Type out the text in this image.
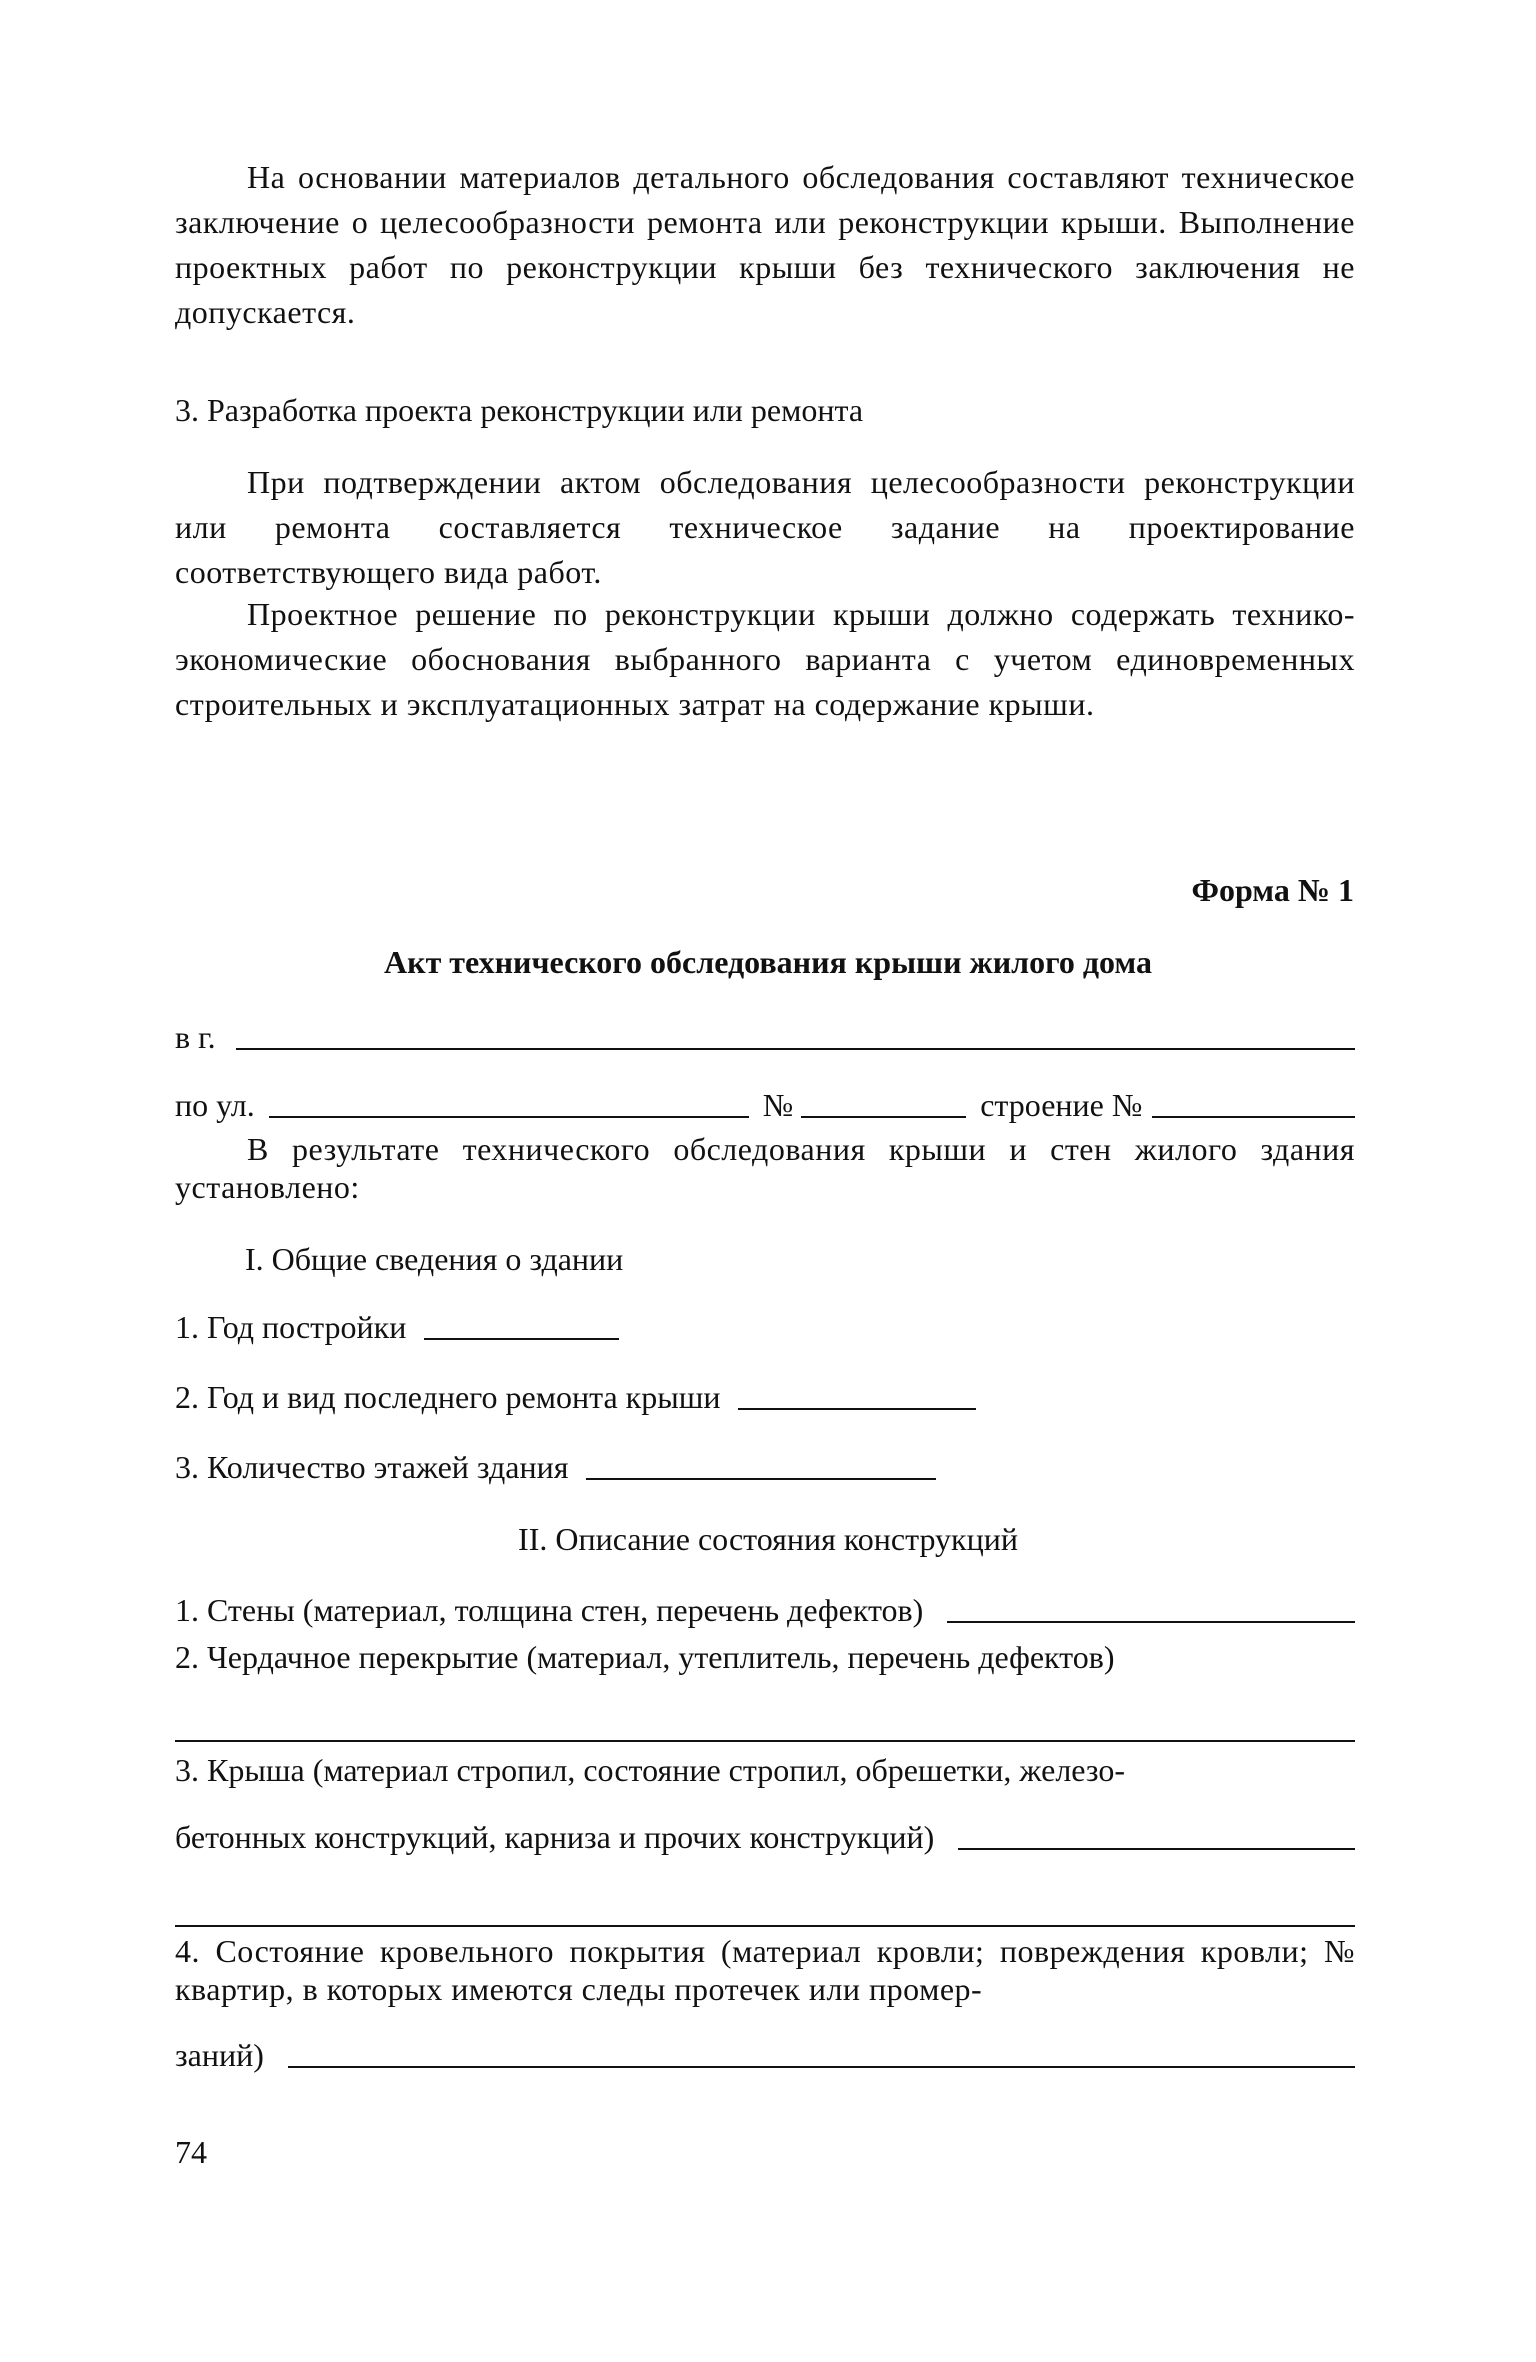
На основании материалов детального обследования составляют техническое заключение о целесообразности ремонта или реконструкции крыши. Выполнение проектных работ по реконструкции крыши без технического заключения не допускается.
3. Разработка проекта реконструкции или ремонта
При подтверждении актом обследования целесообразности реконструкции или ремонта составляется техническое задание на проектирование соответствующего вида работ.
Проектное решение по реконструкции крыши должно содержать технико-экономические обоснования выбранного варианта с учетом единовременных строительных и эксплуатационных затрат на содержание крыши.
Форма № 1
Акт технического обследования крыши жилого дома
в г.
по ул.	№	строение №
В результате технического обследования крыши и стен жилого здания установлено:
I. Общие сведения о здании
1. Год постройки
2. Год и вид последнего ремонта крыши
3. Количество этажей здания
II. Описание состояния конструкций
1. Стены (материал, толщина стен, перечень дефектов)
2. Чердачное перекрытие (материал, утеплитель, перечень дефектов)
3. Крыша (материал стропил, состояние стропил, обрешетки, железо-
бетонных конструкций, карниза и прочих конструкций)
4. Состояние кровельного покрытия (материал кровли; повреждения кровли; № квартир, в которых имеются следы протечек или промер-
заний)
74
